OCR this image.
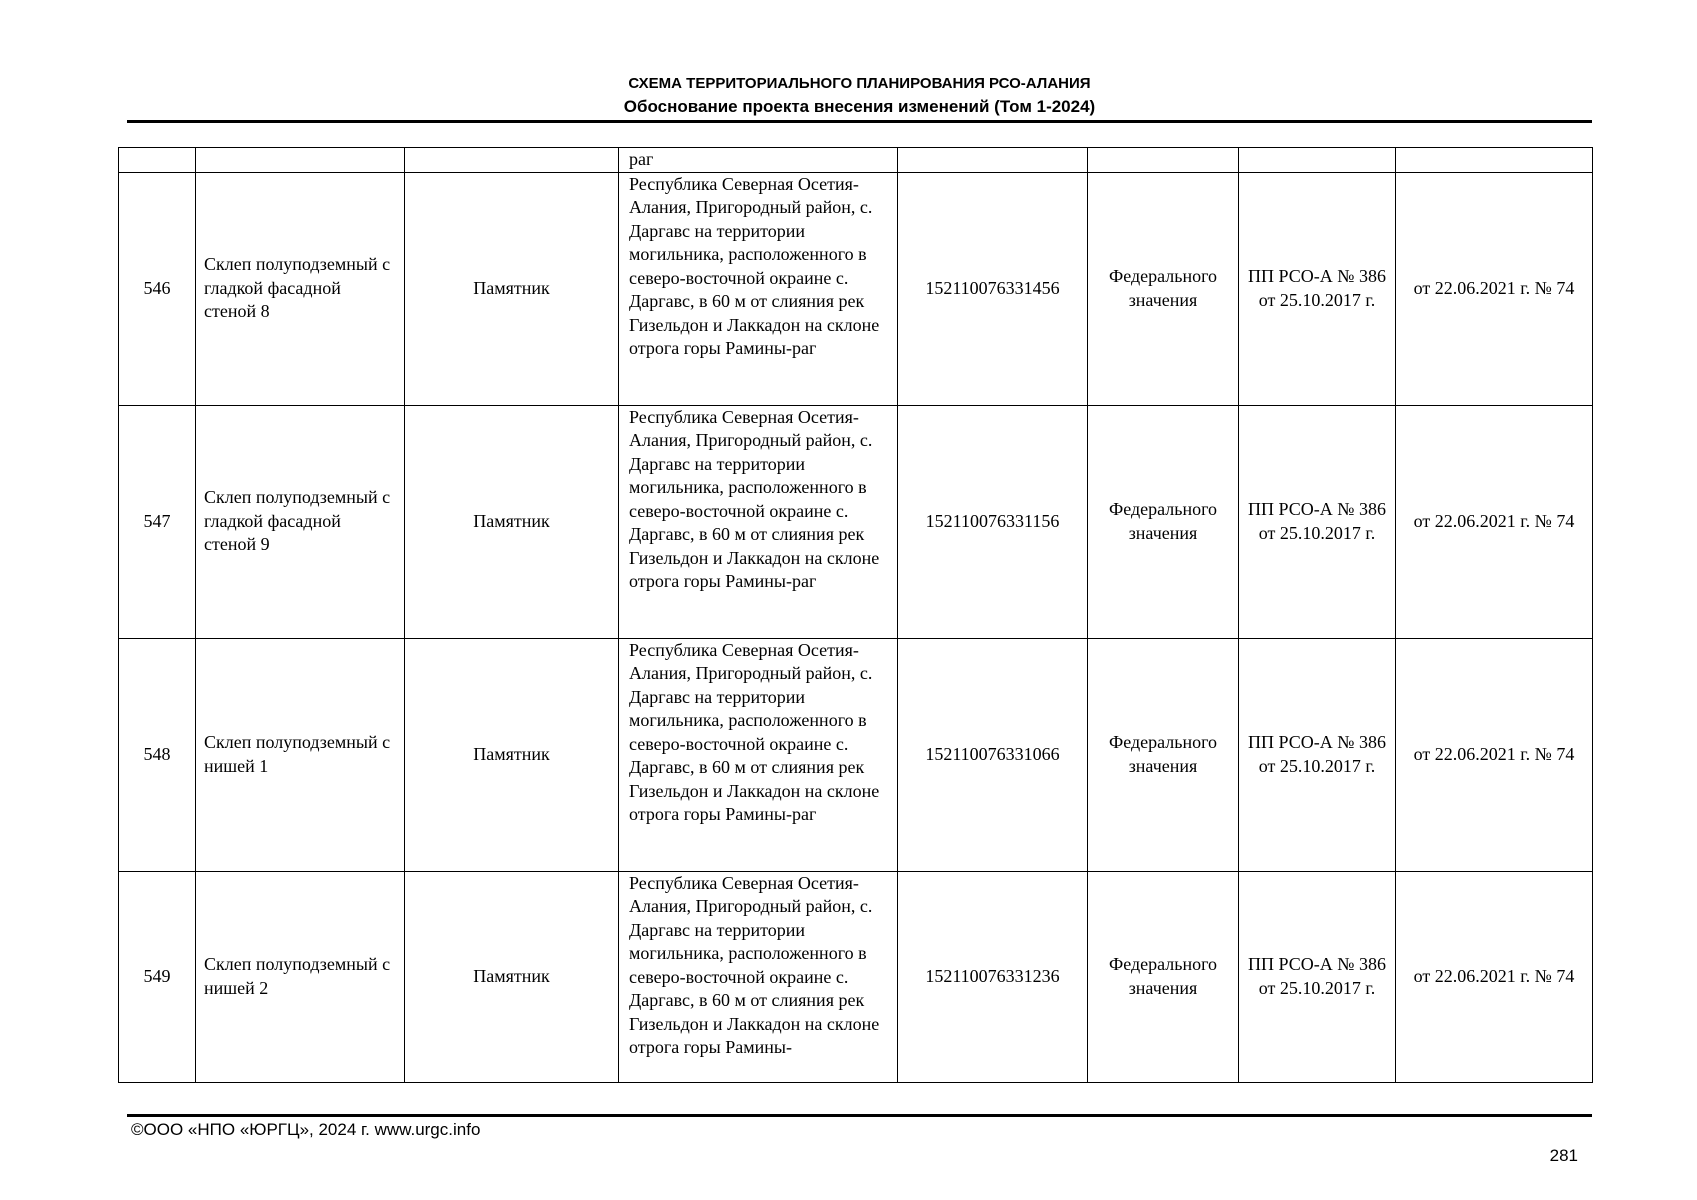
СХЕМА ТЕРРИТОРИАЛЬНОГО ПЛАНИРОВАНИЯ РСО-АЛАНИЯ
Обоснование проекта внесения изменений (Том 1-2024)
			раг				
546	Склеп полуподземный с гладкой фасадной стеной 8	Памятник	Республика Северная Осетия-Алания, Пригородный район, с. Даргавс на территории могильника, расположенного в северо-восточной окраине с. Даргавс, в 60 м от слияния рек Гизельдон и Лаккадон на склоне отрога горы Рамины-раг	152110076331456	Федерального значения	ПП РСО-А № 386 от 25.10.2017 г.	от 22.06.2021 г. № 74
547	Склеп полуподземный с гладкой фасадной стеной 9	Памятник	Республика Северная Осетия-Алания, Пригородный район, с. Даргавс на территории могильника, расположенного в северо-восточной окраине с. Даргавс, в 60 м от слияния рек Гизельдон и Лаккадон на склоне отрога горы Рамины-раг	152110076331156	Федерального значения	ПП РСО-А № 386 от 25.10.2017 г.	от 22.06.2021 г. № 74
548	Склеп полуподземный с нишей 1	Памятник	Республика Северная Осетия-Алания, Пригородный район, с. Даргавс на территории могильника, расположенного в северо-восточной окраине с. Даргавс, в 60 м от слияния рек Гизельдон и Лаккадон на склоне отрога горы Рамины-раг	152110076331066	Федерального значения	ПП РСО-А № 386 от 25.10.2017 г.	от 22.06.2021 г. № 74
549	Склеп полуподземный с нишей 2	Памятник	Республика Северная Осетия-Алания, Пригородный район, с. Даргавс на территории могильника, расположенного в северо-восточной окраине с. Даргавс, в 60 м от слияния рек Гизельдон и Лаккадон на склоне отрога горы Рамины-	152110076331236	Федерального значения	ПП РСО-А № 386 от 25.10.2017 г.	от 22.06.2021 г. № 74
©ООО «НПО «ЮРГЦ», 2024 г. www.urgc.info
281
